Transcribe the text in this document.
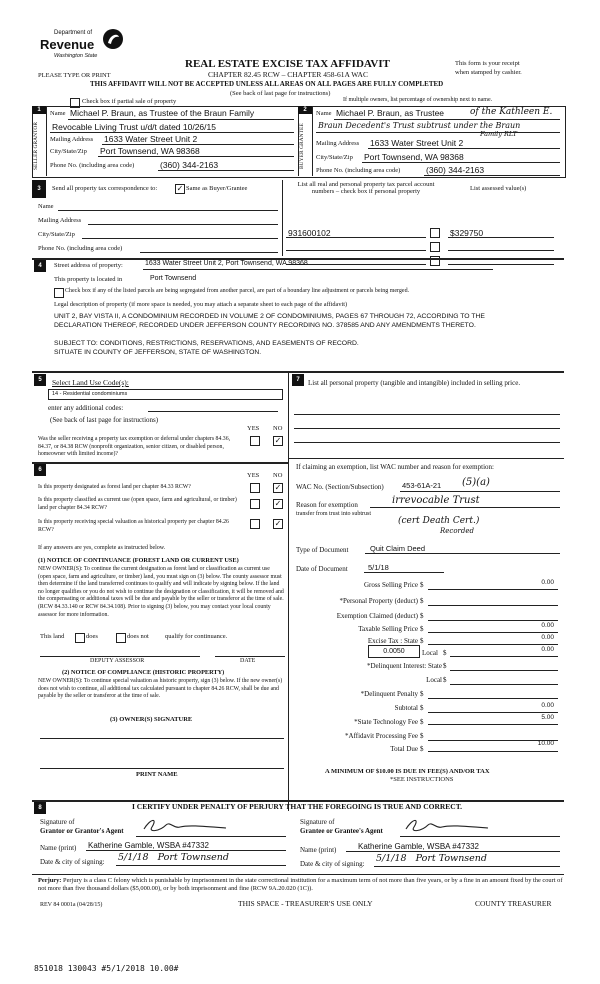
Department of
Revenue
Washington State
REAL ESTATE EXCISE TAX AFFIDAVIT
CHAPTER 82.45 RCW – CHAPTER 458-61A WAC
THIS AFFIDAVIT WILL NOT BE ACCEPTED UNLESS ALL AREAS ON ALL PAGES ARE FULLY COMPLETED
PLEASE TYPE OR PRINT
(See back of last page for instructions)
This form is your receipt
when stamped by cashier.
Check box if partial sale of property	If multiple owners, list percentage of ownership next to name.
1
SELLER GRANTOR
Name Michael P. Braun, as Trustee of the Braun Family
Revocable Living Trust u/d/t dated 10/26/15
Mailing Address 1633 Water Street Unit 2
City/State/Zip Port Townsend, WA 98368
Phone No. (including area code)	(360) 344-2163
2
BUYER GRANTEE
Name Michael P. Braun, as Trustee	of the Kathleen E.
Braun Decedent's Trust subtrust under the Braun
Family RLT
Mailing Address 1633 Water Street Unit 2
City/State/Zip Port Townsend, WA 98368
Phone No. (including area code)	(360) 344-2163
3	Send all property tax correspondence to: ✓ Same as Buyer/Grantee
Name
Mailing Address
City/State/Zip
Phone No. (including area code)
List all real and personal property tax parcel account numbers – check box if personal property	List assessed value(s)
931600102	$329750
4	Street address of property:	1633 Water Street Unit 2, Port Townsend, WA 98368
This property is located in	Port Townsend
Check box if any of the listed parcels are being segregated from another parcel, are part of a boundary line adjustment or parcels being merged.
Legal description of property (if more space is needed, you may attach a separate sheet to each page of the affidavit)
UNIT 2, BAY VISTA II, A CONDOMINIUM RECORDED IN VOLUME 2 OF CONDOMINIUMS, PAGES 67 THROUGH 72, ACCORDING TO THE DECLARATION THEREOF, RECORDED UNDER JEFFERSON COUNTY RECORDING NO. 378585 AND ANY AMENDMENTS THERETO.
SUBJECT TO: CONDITIONS, RESTRICTIONS, RESERVATIONS, AND EASEMENTS OF RECORD.
SITUATE IN COUNTY OF JEFFERSON, STATE OF WASHINGTON.
5	Select Land Use Code(s):
14 - Residential condominiums
enter any additional codes:
(See back of last page for instructions)
YES NO
Was the seller receiving a property tax exemption or deferral under chapters 84.36, 84.37, or 84.38 RCW (nonprofit organization, senior citizen, or disabled person, homeowner with limited income)?
✓
7	List all personal property (tangible and intangible) included in selling price.
6
YES NO
Is this property designated as forest land per chapter 84.33 RCW?	✓
Is this property classified as current use (open space, farm and agricultural, or timber) land per chapter 84.34 RCW?	✓
Is this property receiving special valuation as historical property per chapter 84.26 RCW?
✓
If any answers are yes, complete as instructed below.
(1) NOTICE OF CONTINUANCE (FOREST LAND OR CURRENT USE)
NEW OWNER(S): To continue the current designation as forest land or classification as current use (open space, farm and agriculture, or timber) land, you must sign on (3) below. The county assessor must then determine if the land transferred continues to qualify and will indicate by signing below. If the land no longer qualifies or you do not wish to continue the designation or classification, it will be removed and the compensating or additional taxes will be due and payable by the seller or transferor at the time of sale. (RCW 84.33.140 or RCW 84.34.108). Prior to signing (3) below, you may contact your local county assessor for more information.
This land	does	does not qualify for continuance.
DEPUTY ASSESSOR	DATE
(2) NOTICE OF COMPLIANCE (HISTORIC PROPERTY)
NEW OWNER(S): To continue special valuation as historic property, sign (3) below. If the new owner(s) does not wish to continue, all additional tax calculated pursuant to chapter 84.26 RCW, shall be due and payable by the seller or transferor at the time of sale.
(3) OWNER(S) SIGNATURE
PRINT NAME
If claiming an exemption, list WAC number and reason for exemption:
WAC No. (Section/Subsection) 453-61A-21 (5)(a)
Reason for exemption	irrevocable Trust
transfer from trust into subtrust
(cert Death Cert.)
Recorded
Type of Document	Quit Claim Deed
Date of Document	5/1/18
Gross Selling Price $	0.00
*Personal Property (deduct) $
Exemption Claimed (deduct) $
Taxable Selling Price $	0.00
Excise Tax : State $	0.00
0.0050	Local $	0.00
*Delinquent Interest: State $
Local $
*Delinquent Penalty $
Subtotal $	0.00
*State Technology Fee $
5.00
*Affidavit Processing Fee $
Total Due $
10.00
A MINIMUM OF $10.00 IS DUE IN FEE(S) AND/OR TAX
*SEE INSTRUCTIONS
8	I CERTIFY UNDER PENALTY OF PERJURY THAT THE FOREGOING IS TRUE AND CORRECT.
Signature of
Grantor or Grantor's Agent
Name (print) Katherine Gamble, WSBA #47332
Date & city of signing: 5/1/18   Port Townsend
Signature of
Grantee or Grantee's Agent
Name (print)	Katherine Gamble, WSBA #47332
Date & city of signing: 5/1/18   Port Townsend
Perjury: Perjury is a class C felony which is punishable by imprisonment in the state correctional institution for a maximum term of not more than five years, or by a fine in an amount fixed by the court of not more than five thousand dollars ($5,000.00), or by both imprisonment and fine (RCW 9A.20.020 (1C)).
REV 84 0001a (04/28/15)	THIS SPACE - TREASURER'S USE ONLY	COUNTY TREASURER
851018 130043 #5/1/2018 10.00#
